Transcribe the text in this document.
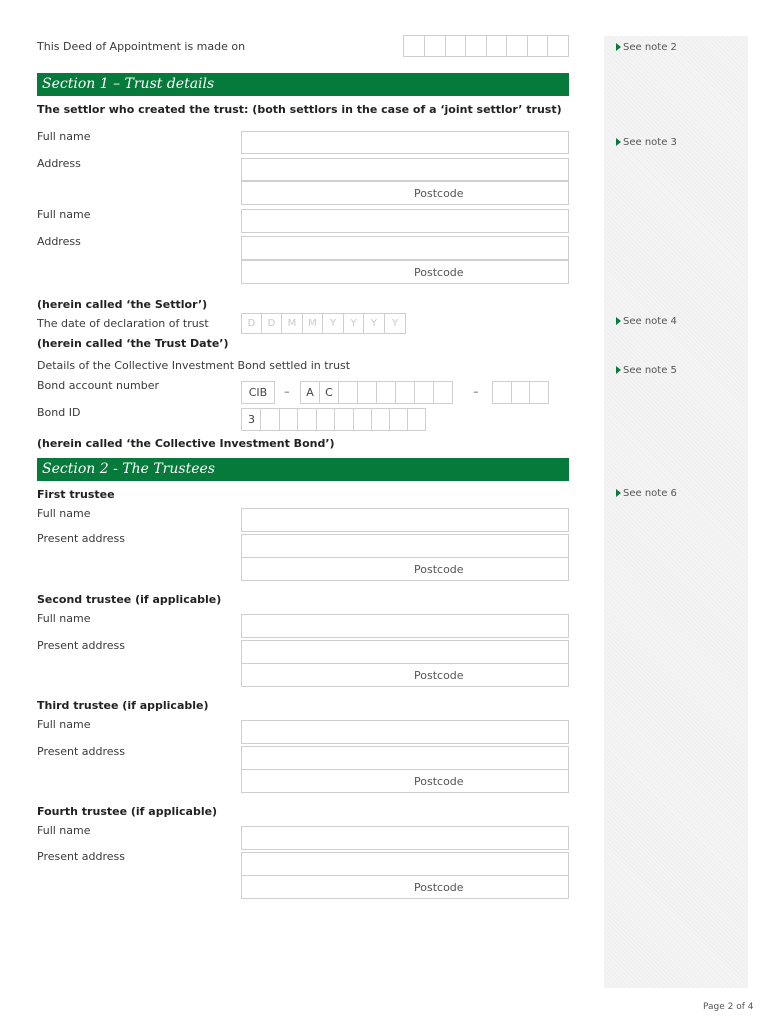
See note 2
See note 3
See note 4
See note 5
See note 6
This Deed of Appointment is made on
Section 1 – Trust details
The settlor who created the trust: (both settlors in the case of a ‘joint settlor’ trust)
Full name
Address
Postcode
Full name
Address
Postcode
(herein called ‘the Settlor’)
The date of declaration of trust	D	D	M	M	Y	Y	Y	Y
(herein called ‘the Trust Date’)
Details of the Collective Investment Bond settled in trust
Bond account number
CIB	–	A	C	–
Bond ID
3
(herein called ‘the Collective Investment Bond’)
Section 2 - The Trustees
First trustee
Full name
Present address
Postcode
Second trustee (if applicable)
Full name
Present address
Postcode
Third trustee (if applicable)
Full name
Present address
Postcode
Fourth trustee (if applicable)
Full name
Present address
Postcode
Page 2 of 4
